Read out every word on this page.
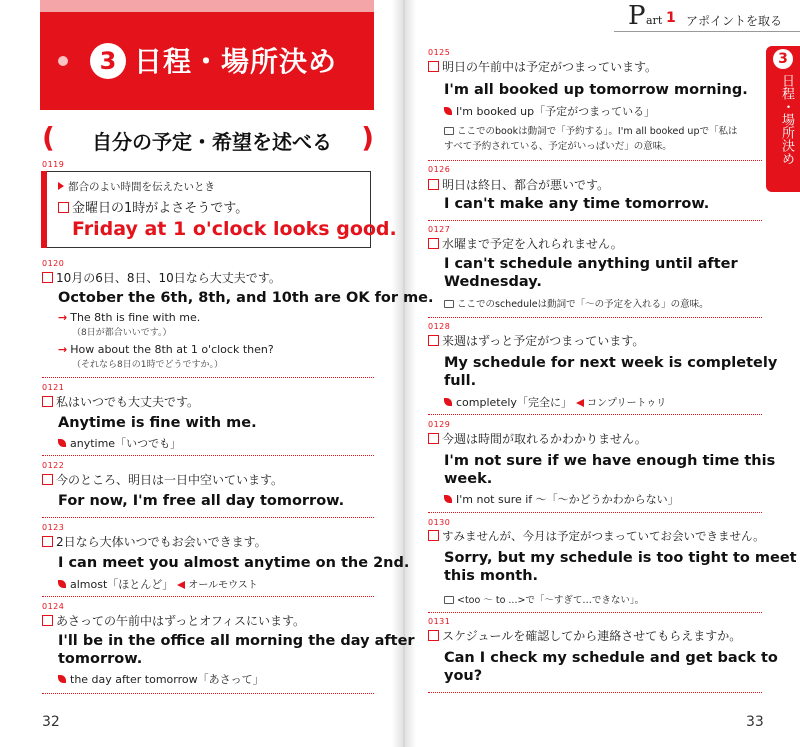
3 日程・場所決め
( 自分の予定・希望を述べる )
0119
都合のよい時間を伝えたいとき
金曜日の1時がよさそうです。
Friday at 1 o'clock looks good.
0120
10月の6日、8日、10日なら大丈夫です。
October the 6th, 8th, and 10th are OK for me.
→ The 8th is fine with me.
（8日が都合いいです。）
→ How about the 8th at 1 o'clock then?
（それなら8日の1時でどうですか。）
0121
私はいつでも大丈夫です。
Anytime is fine with me.
anytime「いつでも」
0122
今のところ、明日は一日中空いています。
For now, I'm free all day tomorrow.
0123
2日なら大体いつでもお会いできます。
I can meet you almost anytime on the 2nd.
almost「ほとんど」 オールモウスト
0124
あさっての午前中はずっとオフィスにいます。
I'll be in the office all morning the day after
tomorrow.
the day after tomorrow「あさって」
32
P art 1 アポイントを取る
3
日程・場所決め
0125
明日の午前中は予定がつまっています。
I'm all booked up tomorrow morning.
I'm booked up「予定がつまっている」
ここでのbookは動詞で「予約する」。I'm all booked upで「私は
すべて予約されている、予定がいっぱいだ」の意味。
0126
明日は終日、都合が悪いです。
I can't make any time tomorrow.
0127
水曜まで予定を入れられません。
I can't schedule anything until after
Wednesday.
ここでのscheduleは動詞で「～の予定を入れる」の意味。
0128
来週はずっと予定がつまっています。
My schedule for next week is completely
full.
completely「完全に」 コンプリートゥリ
0129
今週は時間が取れるかわかりません。
I'm not sure if we have enough time this
week.
I'm not sure if ～「～かどうかわからない」
0130
すみませんが、今月は予定がつまっていてお会いできません。
Sorry, but my schedule is too tight to meet
this month.
<too ～ to ...>で「～すぎて…できない」。
0131
スケジュールを確認してから連絡させてもらえますか。
Can I check my schedule and get back to
you?
33
